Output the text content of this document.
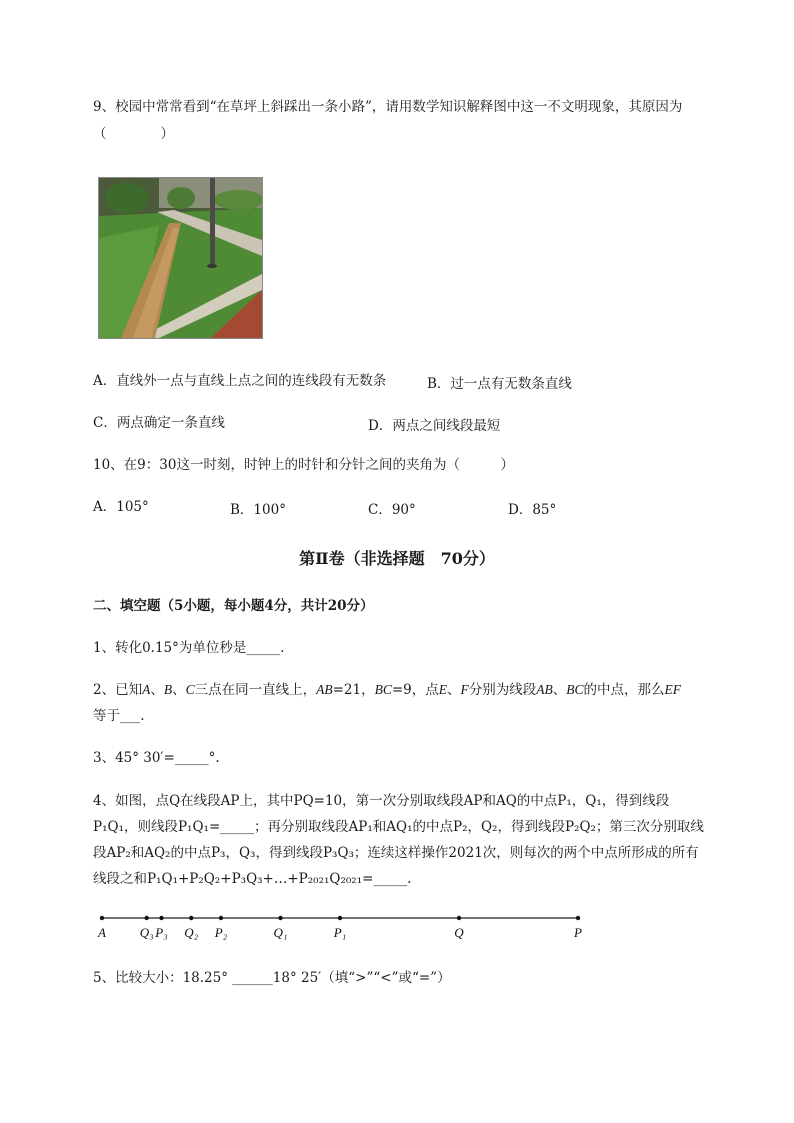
9、校园中常常看到“在草坪上斜踩出一条小路”，请用数学知识解释图中这一不文明现象，其原因为
（　　　　）
A．直线外一点与直线上点之间的连线段有无数条	B．过一点有无数条直线
C．两点确定一条直线	D．两点之间线段最短
10、在9：30这一时刻，时钟上的时针和分针之间的夹角为（　　　）
A．105°	B．100°	C．90°	D．85°
第Ⅱ卷（非选择题　70分）
二、填空题（5小题，每小题4分，共计20分）
1、转化0.15°为单位秒是_____.
2、已知A、B、C三点在同一直线上，AB=21，BC=9，点E、F分别为线段AB、BC的中点，那么EF
等于___.
3、45° 30′=_____°.
4、如图，点Q在线段AP上，其中PQ=10，第一次分别取线段AP和AQ的中点P₁，Q₁，得到线段
P₁Q₁，则线段P₁Q₁=_____；再分别取线段AP₁和AQ₁的中点P₂，Q₂，得到线段P₂Q₂；第三次分别取线
段AP₂和AQ₂的中点P₃，Q₃，得到线段P₃Q₃；连续这样操作2021次，则每次的两个中点所形成的所有
线段之和P₁Q₁+P₂Q₂+P₃Q₃+…+P₂₀₂₁Q₂₀₂₁=_____.
A	Q₃ P₃ Q₂ P₂	Q₁	P₁	Q	P
5、比较大小：18.25° ______18° 25′（填“>”“<”或“=”）
